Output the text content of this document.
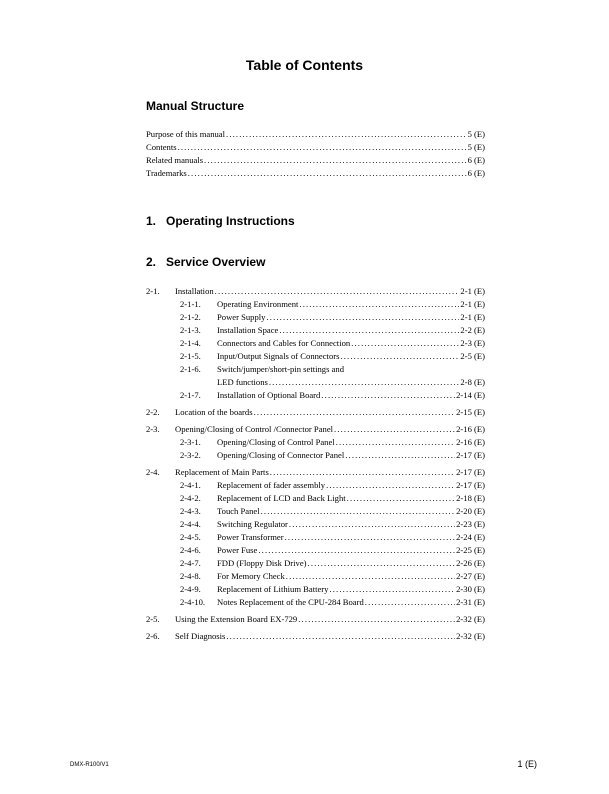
Table of Contents
Manual Structure
Purpose of this manual . . .	5 (E)
Contents . . .	5 (E)
Related manuals . . .	6 (E)
Trademarks . . .	6 (E)
1. Operating Instructions
2. Service Overview
2-1.	Installation . . .	2-1 (E)
2-1-1.	Operating Environment . . .	2-1 (E)
2-1-2.	Power Supply . . .	2-1 (E)
2-1-3.	Installation Space . . .	2-2 (E)
2-1-4.	Connectors and Cables for Connection . . .	2-3 (E)
2-1-5.	Input/Output Signals of Connectors . . .	2-5 (E)
2-1-6.	Switch/jumper/short-pin settings and
LED functions . . .	2-8 (E)
2-1-7.	Installation of Optional Board . . .	2-14 (E)
2-2.	Location of the boards . . .	2-15 (E)
2-3.	Opening/Closing of Control /Connector Panel . . .	2-16 (E)
2-3-1.	Opening/Closing of Control Panel . . .	2-16 (E)
2-3-2.	Opening/Closing of Connector Panel . . .	2-17 (E)
2-4.	Replacement of Main Parts . . .	2-17 (E)
2-4-1.	Replacement of fader assembly . . .	2-17 (E)
2-4-2.	Replacement of LCD and Back Light . . .	2-18 (E)
2-4-3.	Touch Panel . . .	2-20 (E)
2-4-4.	Switching Regulator . . .	2-23 (E)
2-4-5.	Power Transformer . . .	2-24 (E)
2-4-6.	Power Fuse . . .	2-25 (E)
2-4-7.	FDD (Floppy Disk Drive) . . .	2-26 (E)
2-4-8.	For Memory Check . . .	2-27 (E)
2-4-9.	Replacement of Lithium Battery . . .	2-30 (E)
2-4-10.	Notes Replacement of the CPU-284 Board . . .	2-31 (E)
2-5.	Using the Extension Board EX-729 . . .	2-32 (E)
2-6.	Self Diagnosis . . .	2-32 (E)
DMX-R100/V1	1 (E)
